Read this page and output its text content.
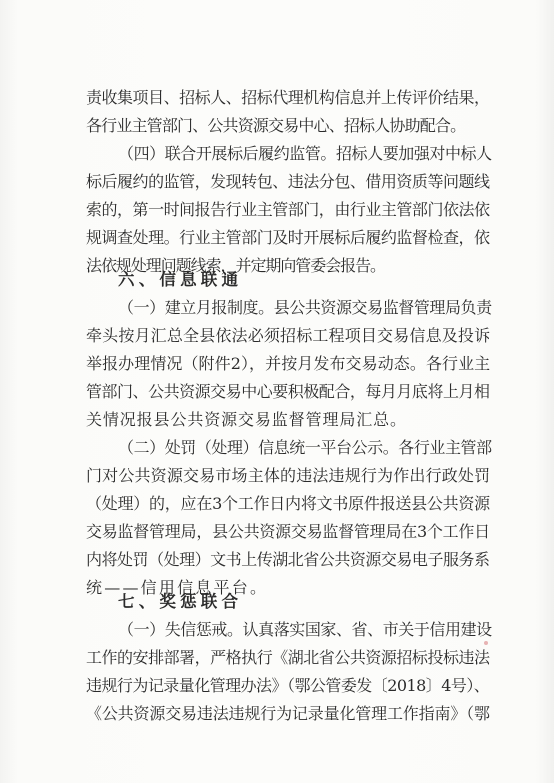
责收集项目、招标人、招标代理机构信息并上传评价结果，
各行业主管部门、公共资源交易中心、招标人协助配合。
（四）联合开展标后履约监管。招标人要加强对中标人
标后履约的监管，发现转包、违法分包、借用资质等问题线
索的，第一时间报告行业主管部门，由行业主管部门依法依
规调查处理。行业主管部门及时开展标后履约监督检查，依
法依规处理问题线索，并定期向管委会报告。
六、信息联通
（一）建立月报制度。县公共资源交易监督管理局负责
牵头按月汇总全县依法必须招标工程项目交易信息及投诉
举报办理情况（附件2），并按月发布交易动态。各行业主
管部门、公共资源交易中心要积极配合，每月月底将上月相
关情况报县公共资源交易监督管理局汇总。
（二）处罚（处理）信息统一平台公示。各行业主管部
门对公共资源交易市场主体的违法违规行为作出行政处罚
（处理）的，应在3个工作日内将文书原件报送县公共资源
交易监督管理局，县公共资源交易监督管理局在3个工作日
内将处罚（处理）文书上传湖北省公共资源交易电子服务系
统——信用信息平台。
七、奖惩联合
（一）失信惩戒。认真落实国家、省、市关于信用建设
工作的安排部署，严格执行《湖北省公共资源招标投标违法
违规行为记录量化管理办法》（鄂公管委发〔2018〕4号）、
《公共资源交易违法违规行为记录量化管理工作指南》（鄂
